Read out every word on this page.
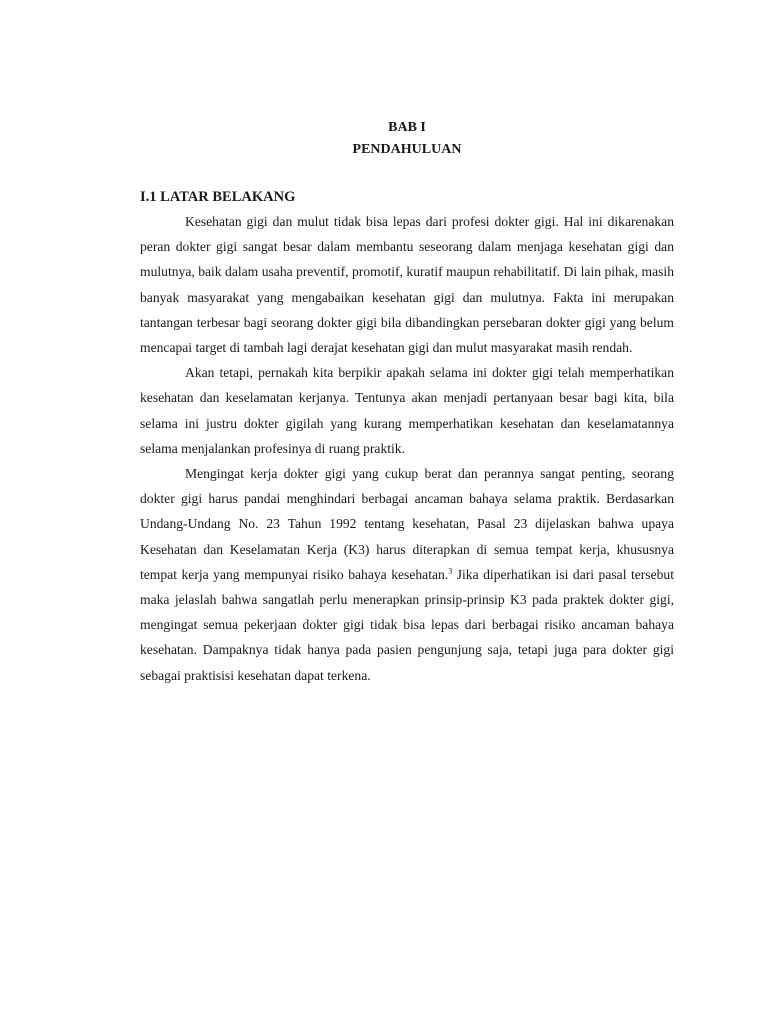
BAB I
PENDAHULUAN
I.1 LATAR BELAKANG

Kesehatan gigi dan mulut tidak bisa lepas dari profesi dokter gigi. Hal ini dikarenakan peran dokter gigi sangat besar dalam membantu seseorang dalam menjaga kesehatan gigi dan mulutnya, baik dalam usaha preventif, promotif, kuratif maupun rehabilitatif. Di lain pihak, masih banyak masyarakat yang mengabaikan kesehatan gigi dan mulutnya. Fakta ini merupakan tantangan terbesar bagi seorang dokter gigi bila dibandingkan persebaran dokter gigi yang belum mencapai target di tambah lagi derajat kesehatan gigi dan mulut masyarakat masih rendah.

Akan tetapi, pernakah kita berpikir apakah selama ini dokter gigi telah memperhatikan kesehatan dan keselamatan kerjanya. Tentunya akan menjadi pertanyaan besar bagi kita, bila selama ini justru dokter gigilah yang kurang memperhatikan kesehatan dan keselamatannya selama menjalankan profesinya di ruang praktik.

Mengingat kerja dokter gigi yang cukup berat dan perannya sangat penting, seorang dokter gigi harus pandai menghindari berbagai ancaman bahaya selama praktik. Berdasarkan Undang-Undang No. 23 Tahun 1992 tentang kesehatan, Pasal 23 dijelaskan bahwa upaya Kesehatan dan Keselamatan Kerja (K3) harus diterapkan di semua tempat kerja, khususnya tempat kerja yang mempunyai risiko bahaya kesehatan.$^3$ Jika diperhatikan isi dari pasal tersebut maka jelaslah bahwa sangatlah perlu menerapkan prinsip-prinsip K3 pada praktek dokter gigi, mengingat semua pekerjaan dokter gigi tidak bisa lepas dari berbagai risiko ancaman bahaya kesehatan. Dampaknya tidak hanya pada pasien pengunjung saja, tetapi juga para dokter gigi sebagai praktisisi kesehatan dapat terkena.
